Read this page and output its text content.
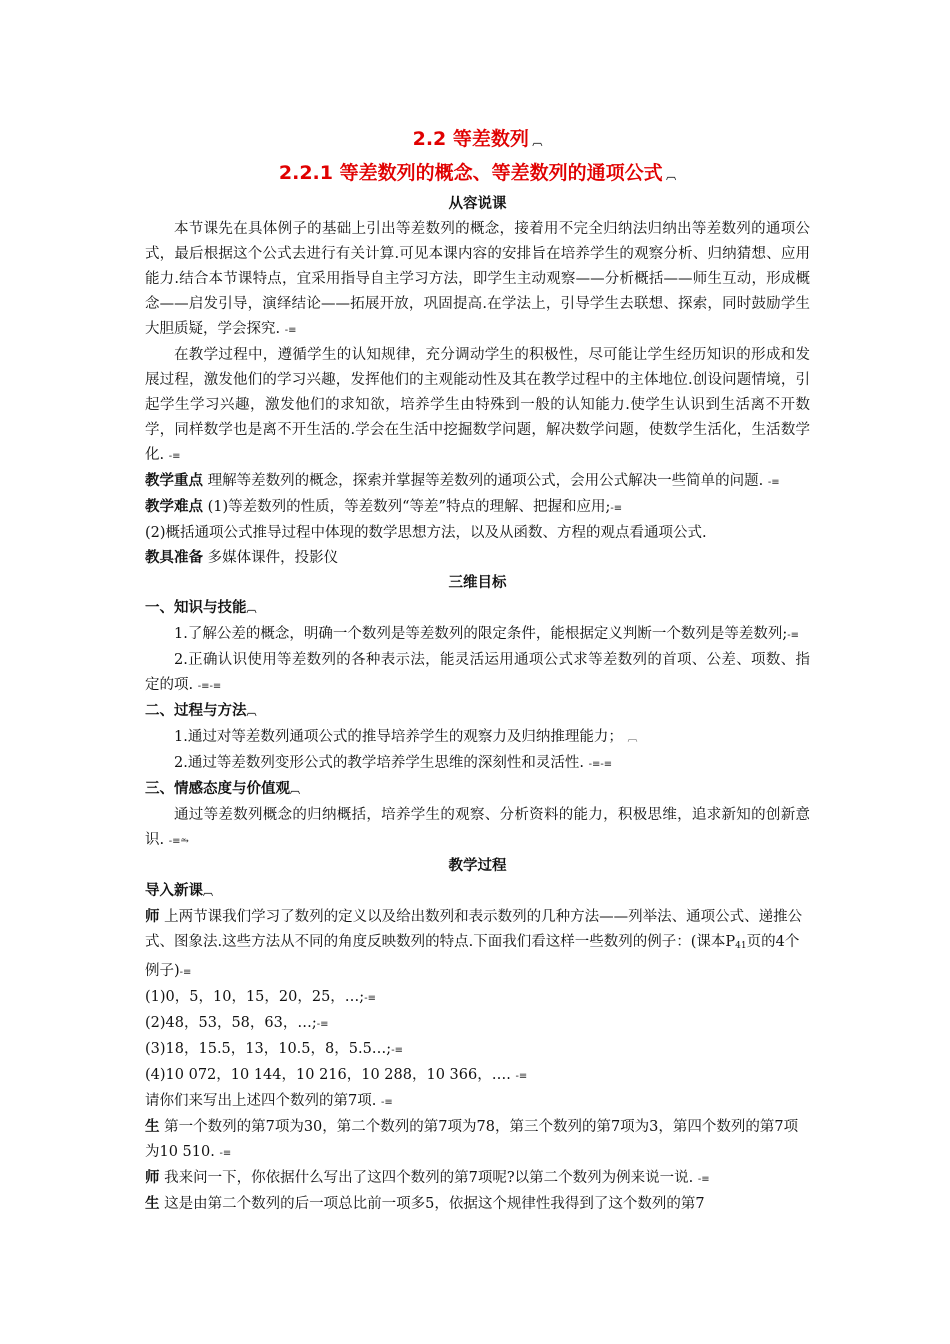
2.2 等差数列 ︹
2.2.1 等差数列的概念、等差数列的通项公式 ︹
从容说课

本节课先在具体例子的基础上引出等差数列的概念，接着用不完全归纳法归纳出等差数列的通项公式，最后根据这个公式去进行有关计算.可见本课内容的安排旨在培养学生的观察分析、归纳猜想、应用能力.结合本节课特点，宜采用指导自主学习方法，即学生主动观察——分析概括——师生互动，形成概念——启发引导，演绎结论——拓展开放，巩固提高.在学法上，引导学生去联想、探索，同时鼓励学生大胆质疑，学会探究. -≡

在教学过程中，遵循学生的认知规律，充分调动学生的积极性，尽可能让学生经历知识的形成和发展过程，激发他们的学习兴趣，发挥他们的主观能动性及其在教学过程中的主体地位.创设问题情境，引起学生学习兴趣，激发他们的求知欲，培养学生由特殊到一般的认知能力.使学生认识到生活离不开数学，同样数学也是离不开生活的.学会在生活中挖掘数学问题，解决数学问题，使数学生活化，生活数学化. -≡

教学重点 理解等差数列的概念，探索并掌握等差数列的通项公式，会用公式解决一些简单的问题. -≡

教学难点 (1)等差数列的性质，等差数列“等差”特点的理解、把握和应用;-≡

(2)概括通项公式推导过程中体现的数学思想方法，以及从函数、方程的观点看通项公式.

教具准备 多媒体课件，投影仪

三维目标

一、知识与技能︹

1.了解公差的概念，明确一个数列是等差数列的限定条件，能根据定义判断一个数列是等差数列;-≡

2.正确认识使用等差数列的各种表示法，能灵活运用通项公式求等差数列的首项、公差、项数、指定的项. -≡-≡

二、过程与方法︹

1.通过对等差数列通项公式的推导培养学生的观察力及归纳推理能力； ︹

2.通过等差数列变形公式的教学培养学生思维的深刻性和灵活性. -≡-≡

三、情感态度与价值观︹

通过等差数列概念的归纳概括，培养学生的观察、分析资料的能力，积极思维，追求新知的创新意识. -≡⥲

教学过程

导入新课︹

师 上两节课我们学习了数列的定义以及给出数列和表示数列的几种方法——列举法、通项公式、递推公式、图象法.这些方法从不同的角度反映数列的特点.下面我们看这样一些数列的例子：(课本$P_{41}$页的4个例子)-≡

(1)0，5，10，15，20，25，…;-≡

(2)48，53，58，63，…;-≡

(3)18，15.5，13，10.5，8，5.5…;-≡

(4)10 072，10 144，10 216，10 288，10 366，…. -≡

请你们来写出上述四个数列的第7项. -≡

生 第一个数列的第7项为30，第二个数列的第7项为78，第三个数列的第7项为3，第四个数列的第7项为10 510. -≡

师 我来问一下，你依据什么写出了这四个数列的第7项呢?以第二个数列为例来说一说. -≡

生 这是由第二个数列的后一项总比前一项多5，依据这个规律性我得到了这个数列的第7
